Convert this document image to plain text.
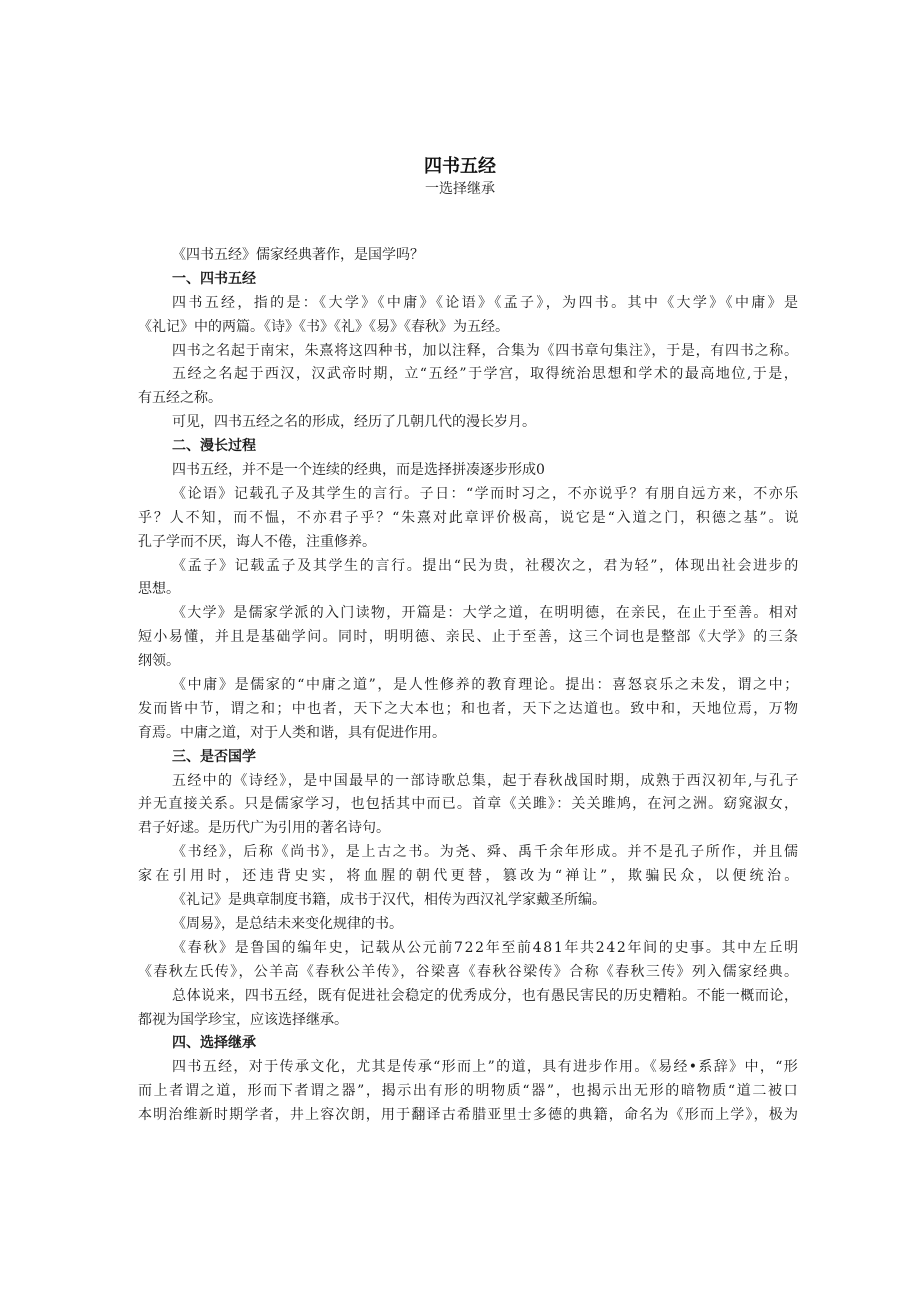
四书五经
一选择继承
《四书五经》儒家经典著作，是国学吗？
一、四书五经
四书五经，指的是：《大学》《中庸》《论语》《孟子》，为四书。其中《大学》《中庸》是
《礼记》中的两篇。《诗》《书》《礼》《易》《春秋》为五经。
四书之名起于南宋，朱熹将这四种书，加以注释，合集为《四书章句集注》，于是，有四书之称。
五经之名起于西汉，汉武帝时期，立“五经”于学宫，取得统治思想和学术的最高地位,于是，
有五经之称。
可见，四书五经之名的形成，经历了几朝几代的漫长岁月。
二、漫长过程
四书五经，并不是一个连续的经典，而是选择拼凑逐步形成0
《论语》记载孔子及其学生的言行。子日：“学而时习之，不亦说乎？有朋自远方来，不亦乐
乎？人不知，而不愠，不亦君子乎？“朱熹对此章评价极高，说它是“入道之门，积德之基”。说
孔子学而不厌，诲人不倦，注重修养。
《孟子》记载孟子及其学生的言行。提出“民为贵，社稷次之，君为轻”，体现出社会进步的
思想。
《大学》是儒家学派的入门读物，开篇是：大学之道，在明明德，在亲民，在止于至善。相对
短小易懂，并且是基础学问。同时，明明德、亲民、止于至善，这三个词也是整部《大学》的三条
纲领。
《中庸》是儒家的“中庸之道”，是人性修养的教育理论。提出：喜怒哀乐之未发，谓之中；
发而皆中节，谓之和；中也者，天下之大本也；和也者，天下之达道也。致中和，天地位焉，万物
育焉。中庸之道，对于人类和谐，具有促进作用。
三、是否国学
五经中的《诗经》，是中国最早的一部诗歌总集，起于春秋战国时期，成熟于西汉初年,与孔子
并无直接关系。只是儒家学习，也包括其中而已。首章《关雎》：关关雎鸠，在河之洲。窈窕淑女，
君子好逑。是历代广为引用的著名诗句。
《书经》，后称《尚书》，是上古之书。为尧、舜、禹千余年形成。并不是孔子所作，并且儒
家在引用时，还违背史实，将血腥的朝代更替，篡改为“禅让”，欺骗民众，以便统治。
《礼记》是典章制度书籍，成书于汉代，相传为西汉礼学家戴圣所编。
《周易》，是总结未来变化规律的书。
《春秋》是鲁国的编年史，记载从公元前722年至前481年共242年间的史事。其中左丘明
《春秋左氏传》，公羊高《春秋公羊传》，谷梁喜《春秋谷梁传》合称《春秋三传》列入儒家经典。
总体说来，四书五经，既有促进社会稳定的优秀成分，也有愚民害民的历史糟粕。不能一概而论，
都视为国学珍宝，应该选择继承。
四、选择继承
四书五经，对于传承文化，尤其是传承“形而上”的道，具有进步作用。《易经•系辞》中，“形
而上者谓之道，形而下者谓之器”，揭示出有形的明物质“器”，也揭示出无形的暗物质“道二被口
本明治维新时期学者，井上容次朗，用于翻译古希腊亚里士多德的典籍，命名为《形而上学》，极为
